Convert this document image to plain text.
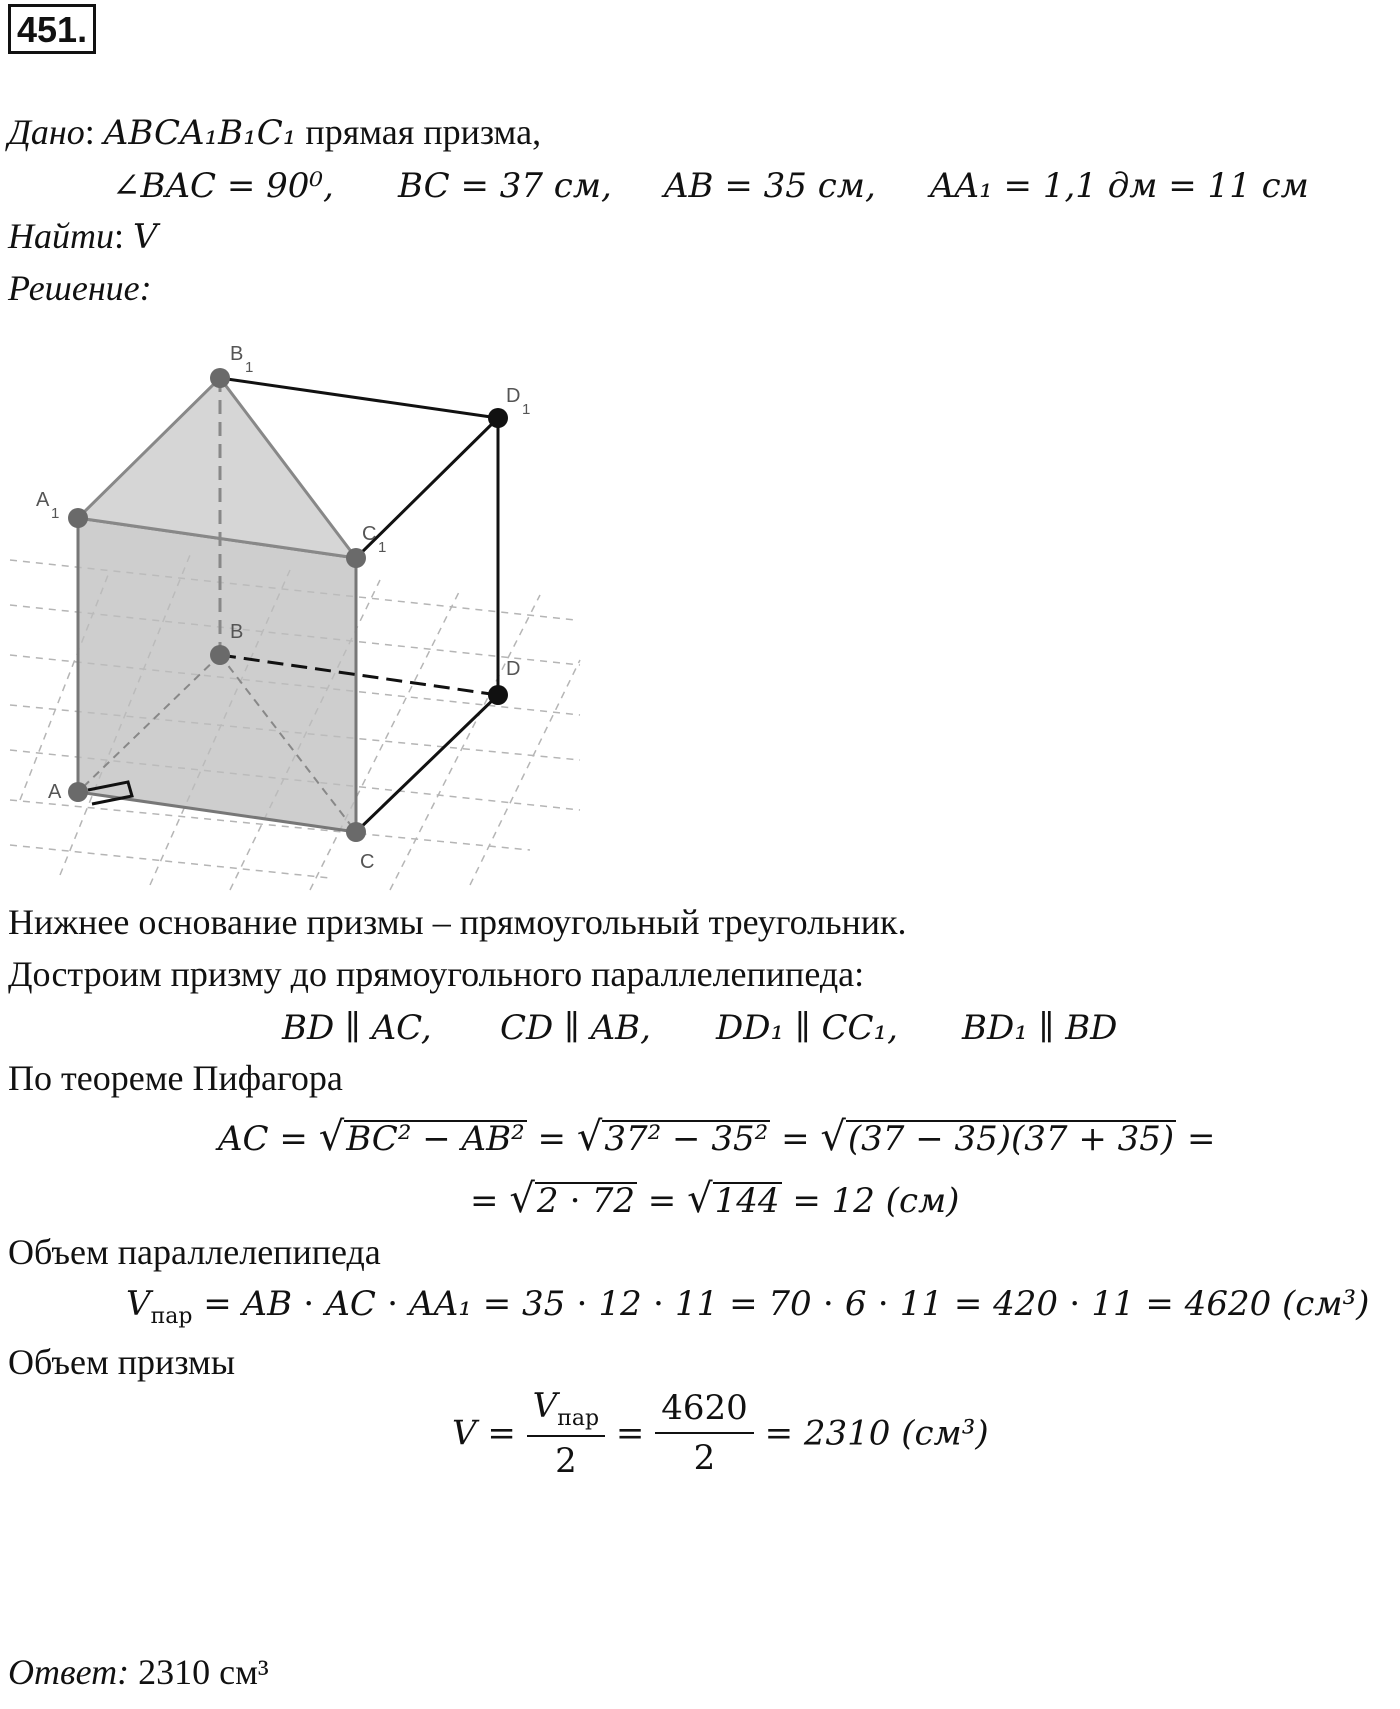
451.
Дано: ABCA₁B₁C₁ прямая призма,
∠BAC = 90⁰, BC = 37 см, AB = 35 см, AA₁ = 1,1 дм = 11 см
Найти: V
Решение:
B
1
A
1
C
1
D
1
B
D
A
C
Нижнее основание призмы – прямоугольный треугольник.
Достроим призму до прямоугольного параллелепипеда:
BD ∥ AC, CD ∥ AB, DD₁ ∥ CC₁, BD₁ ∥ BD
По теореме Пифагора
AC = √BC² − AB² = √37² − 35² = √(37 − 35)(37 + 35) =
= √2 ⋅ 72 = √144 = 12 (см)
Объем параллелепипеда
$V_{пар}$ = AB ⋅ AC ⋅ AA₁ = 35 ⋅ 12 ⋅ 11 = 70 ⋅ 6 ⋅ 11 = 420 ⋅ 11 = 4620 (см³)
Объем призмы
$V = \frac{V_{пар}}{2} = \frac{4620}{2} = 2310$ (см³)
Ответ: 2310 см³
